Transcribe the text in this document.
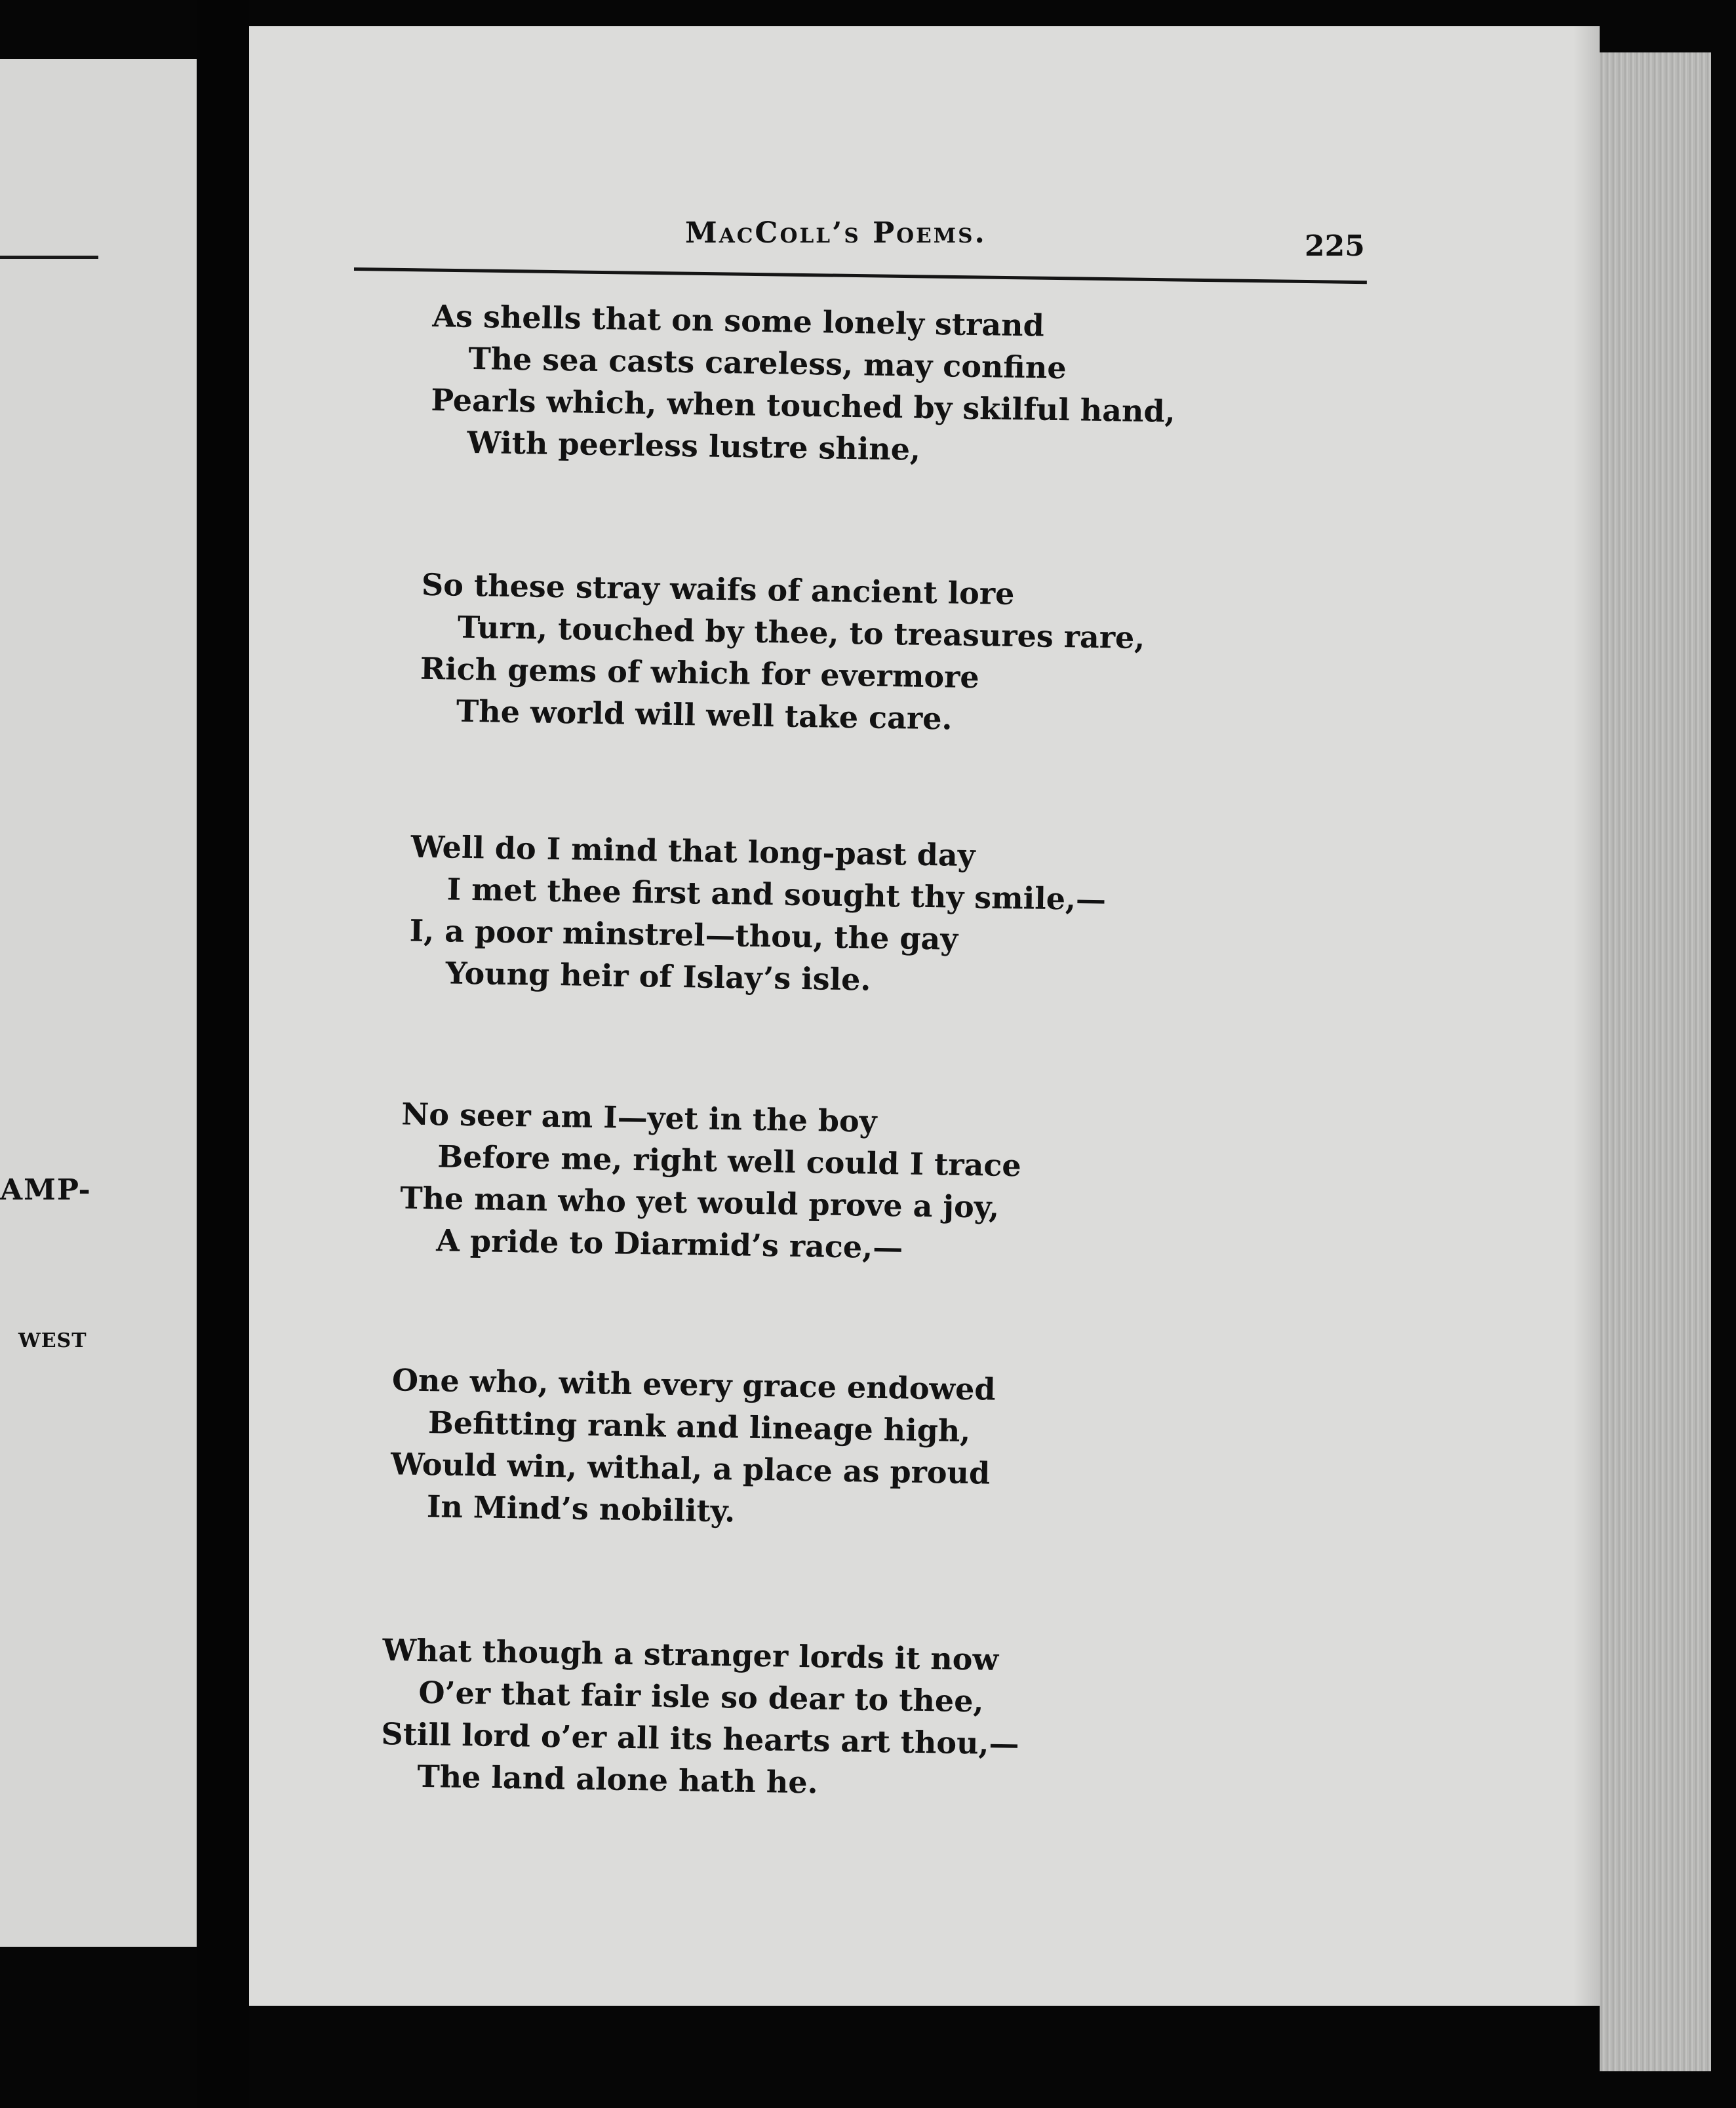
AMP-
WEST
MacColl’s Poems.	225
As shells that on some lonely strand
The sea casts careless, may confine
Pearls which, when touched by skilful hand,
With peerless lustre shine,
So these stray waifs of ancient lore
Turn, touched by thee, to treasures rare,
Rich gems of which for evermore
The world will well take care.
Well do I mind that long-past day
I met thee first and sought thy smile,—
I, a poor minstrel—thou, the gay
Young heir of Islay’s isle.
No seer am I—yet in the boy
Before me, right well could I trace
The man who yet would prove a joy,
A pride to Diarmid’s race,—
One who, with every grace endowed
Befitting rank and lineage high,
Would win, withal, a place as proud
In Mind’s nobility.
What though a stranger lords it now
O’er that fair isle so dear to thee,
Still lord o’er all its hearts art thou,—
The land alone hath he.
